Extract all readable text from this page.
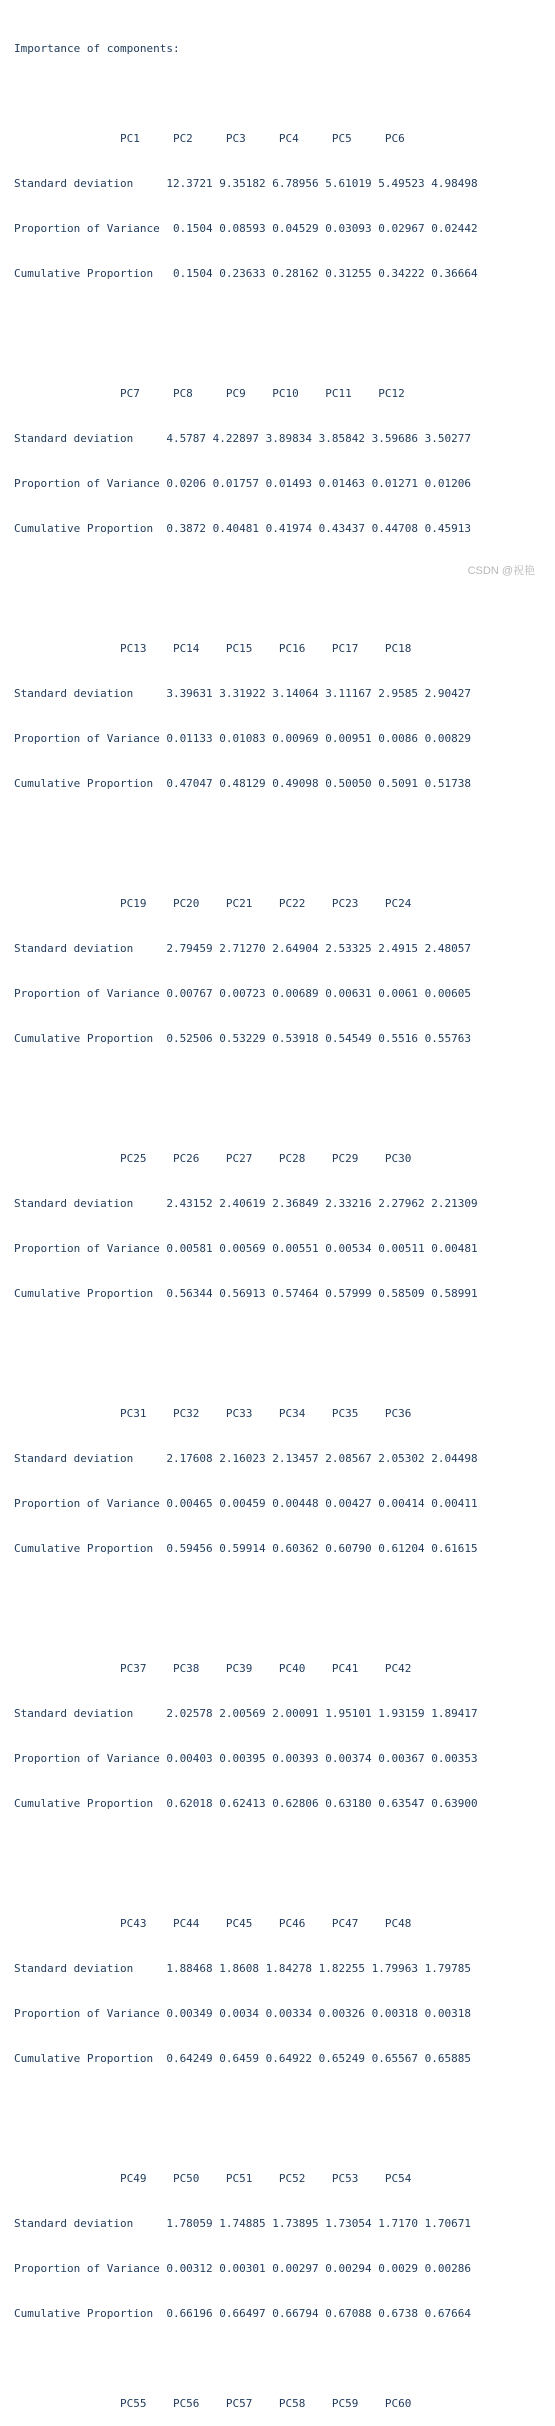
Importance of components:

PC1     PC2     PC3     PC4     PC5     PC6

Standard deviation     12.3721 9.35182 6.78956 5.61019 5.49523 4.98498

Proportion of Variance  0.1504 0.08593 0.04529 0.03093 0.02967 0.02442

Cumulative Proportion   0.1504 0.23633 0.28162 0.31255 0.34222 0.36664

PC7     PC8     PC9    PC10    PC11    PC12

Standard deviation     4.5787 4.22897 3.89834 3.85842 3.59686 3.50277

Proportion of Variance 0.0206 0.01757 0.01493 0.01463 0.01271 0.01206

Cumulative Proportion  0.3872 0.40481 0.41974 0.43437 0.44708 0.45913

PC13    PC14    PC15    PC16    PC17    PC18

Standard deviation     3.39631 3.31922 3.14064 3.11167 2.9585 2.90427

Proportion of Variance 0.01133 0.01083 0.00969 0.00951 0.0086 0.00829

Cumulative Proportion  0.47047 0.48129 0.49098 0.50050 0.5091 0.51738

PC19    PC20    PC21    PC22    PC23    PC24

Standard deviation     2.79459 2.71270 2.64904 2.53325 2.4915 2.48057

Proportion of Variance 0.00767 0.00723 0.00689 0.00631 0.0061 0.00605

Cumulative Proportion  0.52506 0.53229 0.53918 0.54549 0.5516 0.55763

PC25    PC26    PC27    PC28    PC29    PC30

Standard deviation     2.43152 2.40619 2.36849 2.33216 2.27962 2.21309

Proportion of Variance 0.00581 0.00569 0.00551 0.00534 0.00511 0.00481

Cumulative Proportion  0.56344 0.56913 0.57464 0.57999 0.58509 0.58991

PC31    PC32    PC33    PC34    PC35    PC36

Standard deviation     2.17608 2.16023 2.13457 2.08567 2.05302 2.04498

Proportion of Variance 0.00465 0.00459 0.00448 0.00427 0.00414 0.00411

Cumulative Proportion  0.59456 0.59914 0.60362 0.60790 0.61204 0.61615

PC37    PC38    PC39    PC40    PC41    PC42

Standard deviation     2.02578 2.00569 2.00091 1.95101 1.93159 1.89417

Proportion of Variance 0.00403 0.00395 0.00393 0.00374 0.00367 0.00353

Cumulative Proportion  0.62018 0.62413 0.62806 0.63180 0.63547 0.63900

PC43    PC44    PC45    PC46    PC47    PC48

Standard deviation     1.88468 1.8608 1.84278 1.82255 1.79963 1.79785

Proportion of Variance 0.00349 0.0034 0.00334 0.00326 0.00318 0.00318

Cumulative Proportion  0.64249 0.6459 0.64922 0.65249 0.65567 0.65885

PC49    PC50    PC51    PC52    PC53    PC54

Standard deviation     1.78059 1.74885 1.73895 1.73054 1.7170 1.70671

Proportion of Variance 0.00312 0.00301 0.00297 0.00294 0.0029 0.00286

Cumulative Proportion  0.66196 0.66497 0.66794 0.67088 0.6738 0.67664

PC55    PC56    PC57    PC58    PC59    PC60

CSDN @祝艳
